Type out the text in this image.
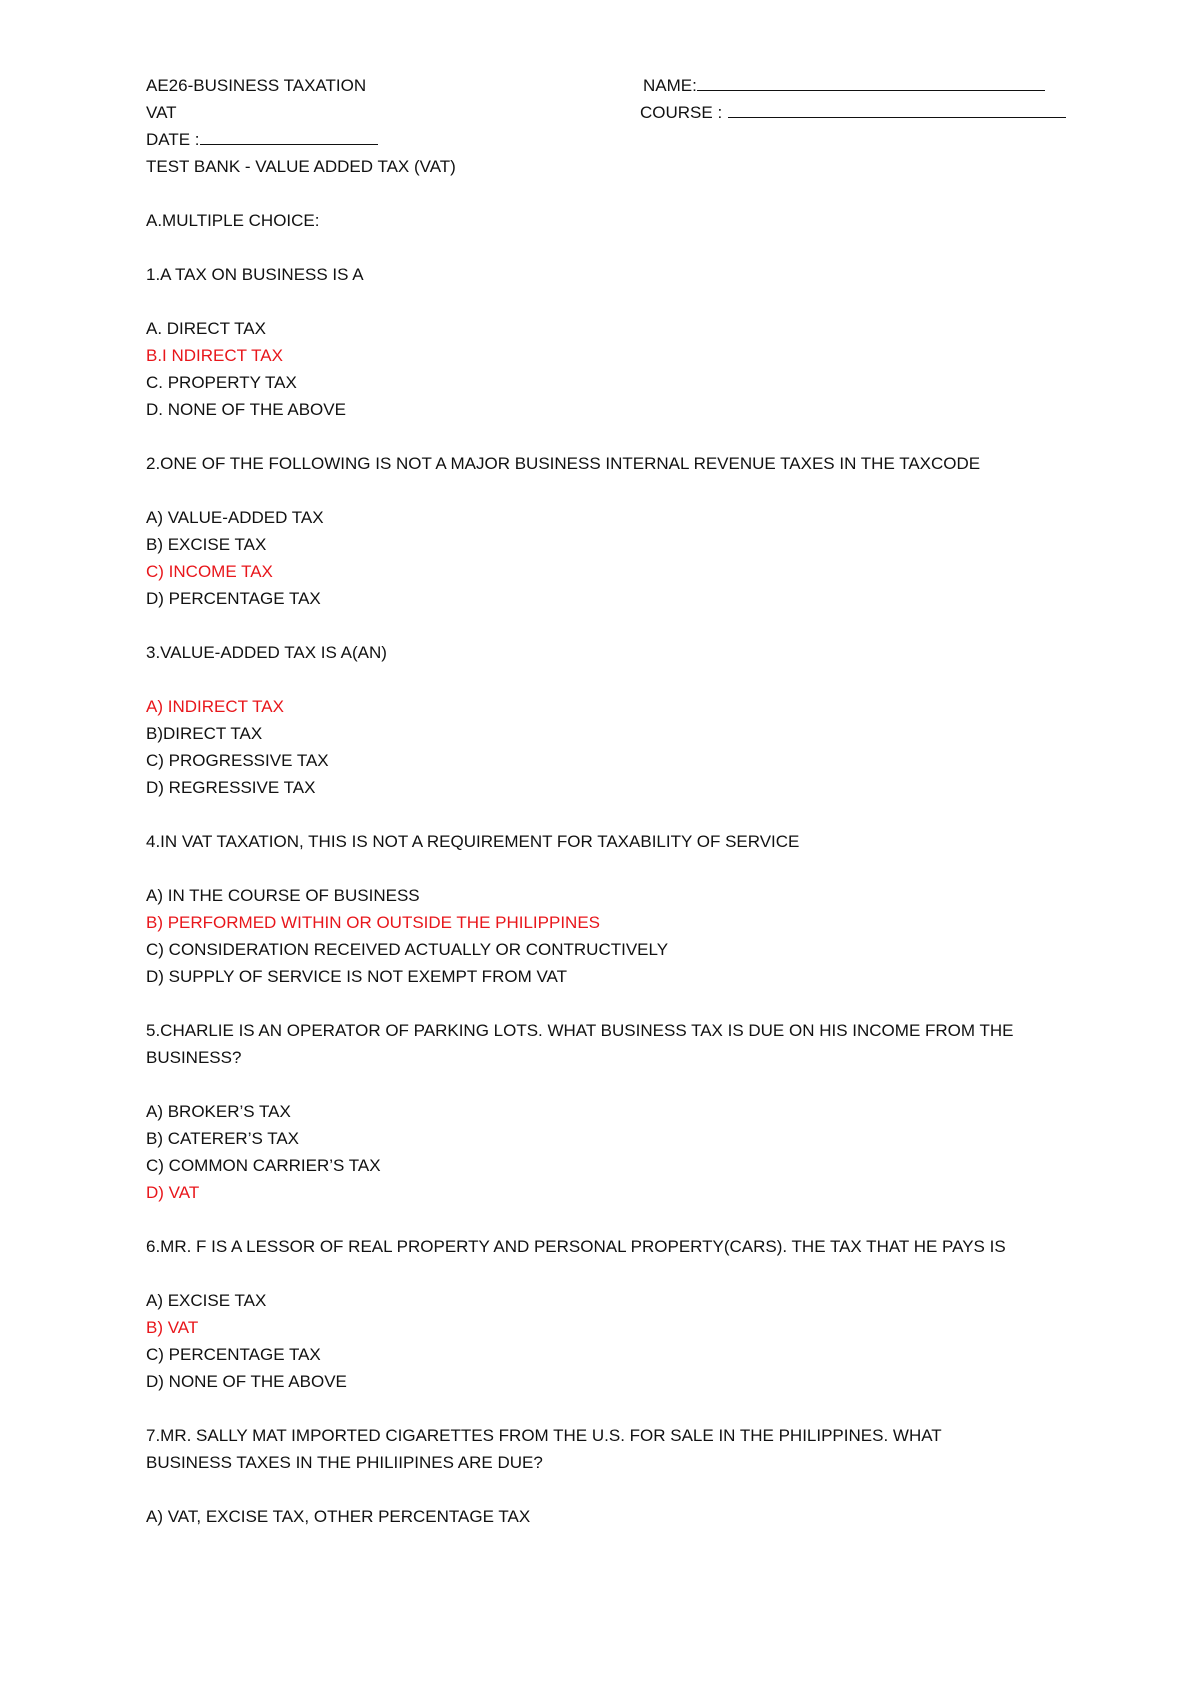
AE26-BUSINESS TAXATION	NAME:
VAT	COURSE :
DATE :
TEST BANK - VALUE ADDED TAX (VAT)
A.MULTIPLE CHOICE:
1.A TAX ON BUSINESS IS A
A. DIRECT TAX
B.I NDIRECT TAX
C. PROPERTY TAX
D. NONE OF THE ABOVE
2.ONE OF THE FOLLOWING IS NOT A MAJOR BUSINESS INTERNAL REVENUE TAXES IN THE TAXCODE
A) VALUE-ADDED TAX
B) EXCISE TAX
C) INCOME TAX
D) PERCENTAGE TAX
3.VALUE-ADDED TAX IS A(AN)
A) INDIRECT TAX
B)DIRECT TAX
C) PROGRESSIVE TAX
D) REGRESSIVE TAX
4.IN VAT TAXATION, THIS IS NOT A REQUIREMENT FOR TAXABILITY OF SERVICE
A) IN THE COURSE OF BUSINESS
B) PERFORMED WITHIN OR OUTSIDE THE PHILIPPINES
C) CONSIDERATION RECEIVED ACTUALLY OR CONTRUCTIVELY
D) SUPPLY OF SERVICE IS NOT EXEMPT FROM VAT
5.CHARLIE IS AN OPERATOR OF PARKING LOTS. WHAT BUSINESS TAX IS DUE ON HIS INCOME FROM THE BUSINESS?
A) BROKER’S TAX
B) CATERER’S TAX
C) COMMON CARRIER’S TAX
D) VAT
6.MR. F IS A LESSOR OF REAL PROPERTY AND PERSONAL PROPERTY(CARS). THE TAX THAT HE PAYS IS
A) EXCISE TAX
B) VAT
C) PERCENTAGE TAX
D) NONE OF THE ABOVE
7.MR. SALLY MAT IMPORTED CIGARETTES FROM THE U.S. FOR SALE IN THE PHILIPPINES. WHAT BUSINESS TAXES IN THE PHILIIPINES ARE DUE?
A) VAT, EXCISE TAX, OTHER PERCENTAGE TAX
